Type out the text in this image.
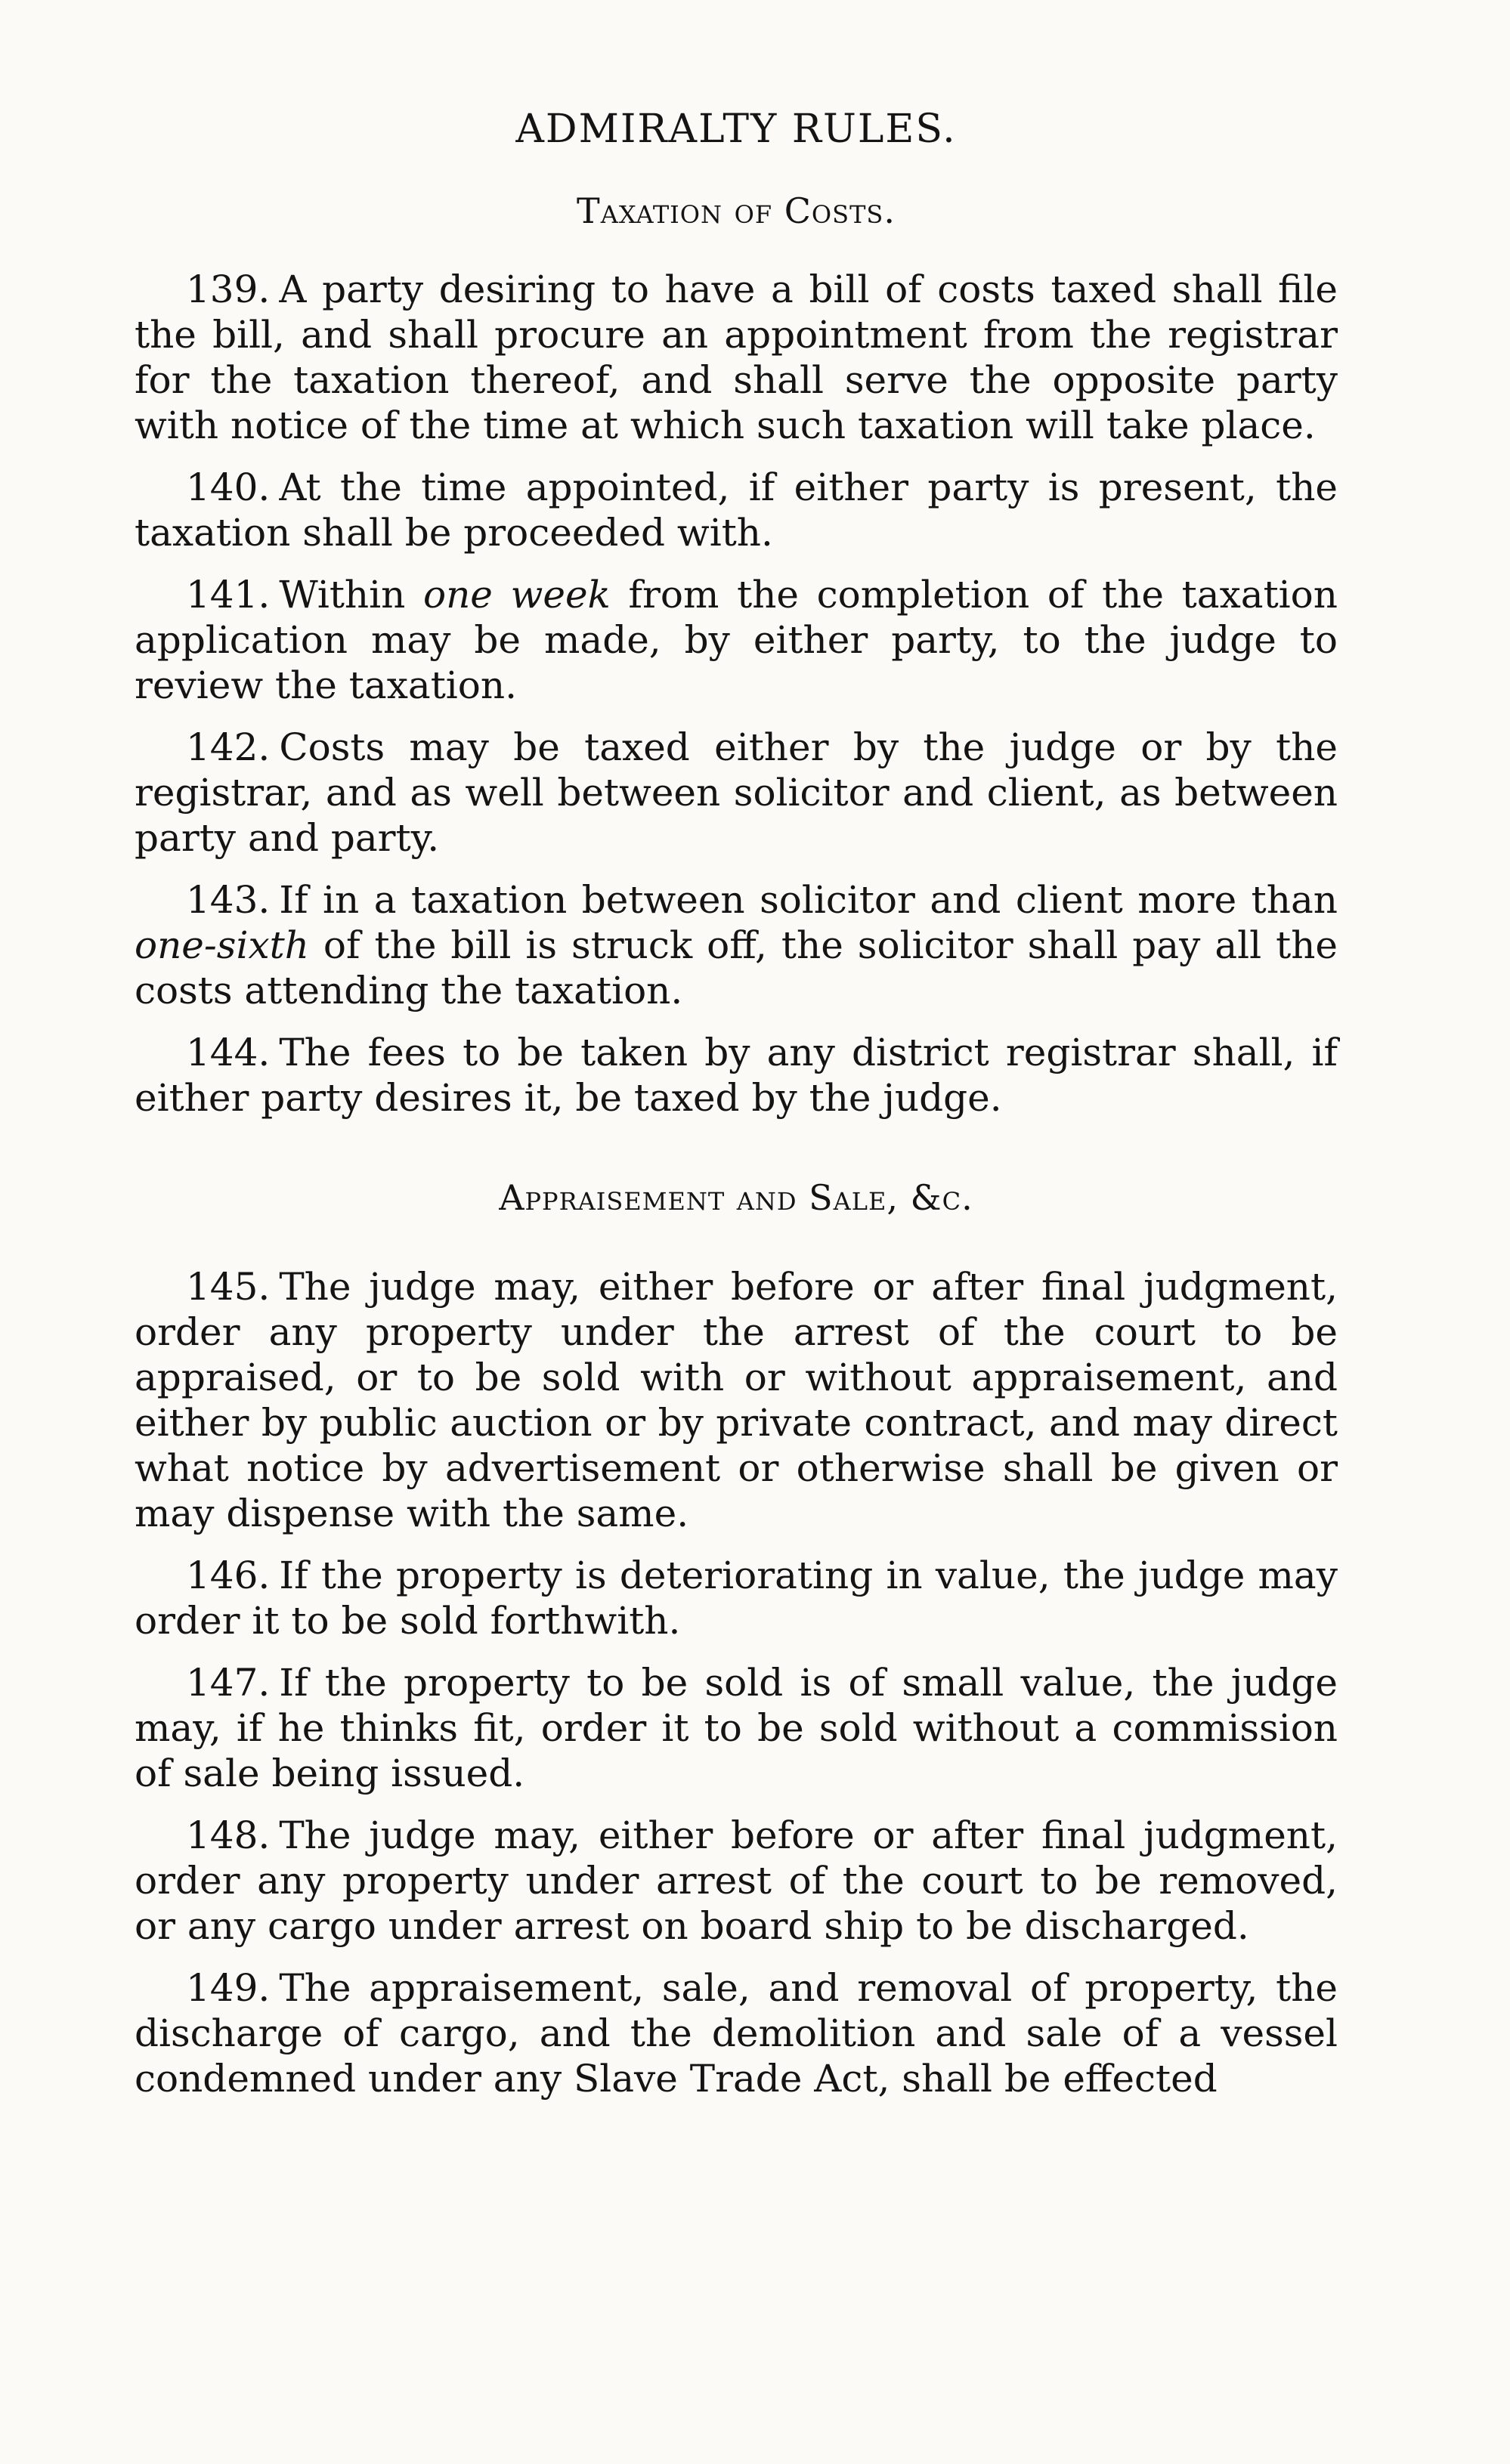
ADMIRALTY RULES.
Taxation of Costs.

139. A party desiring to have a bill of costs taxed shall file the bill, and shall procure an appointment from the registrar for the taxation thereof, and shall serve the opposite party with notice of the time at which such taxation will take place.

140. At the time appointed, if either party is present, the taxation shall be proceeded with.

141. Within one week from the completion of the taxation application may be made, by either party, to the judge to review the taxation.

142. Costs may be taxed either by the judge or by the registrar, and as well between solicitor and client, as between party and party.

143. If in a taxation between solicitor and client more than one-sixth of the bill is struck off, the solicitor shall pay all the costs attending the taxation.

144. The fees to be taken by any district registrar shall, if either party desires it, be taxed by the judge.

Appraisement and Sale, &c.

145. The judge may, either before or after final judgment, order any property under the arrest of the court to be appraised, or to be sold with or without appraisement, and either by public auction or by private contract, and may direct what notice by advertisement or otherwise shall be given or may dispense with the same.

146. If the property is deteriorating in value, the judge may order it to be sold forthwith.

147. If the property to be sold is of small value, the judge may, if he thinks fit, order it to be sold without a commission of sale being issued.

148. The judge may, either before or after final judgment, order any property under arrest of the court to be removed, or any cargo under arrest on board ship to be discharged.

149. The appraisement, sale, and removal of property, the discharge of cargo, and the demolition and sale of a vessel condemned under any Slave Trade Act, shall be effected
